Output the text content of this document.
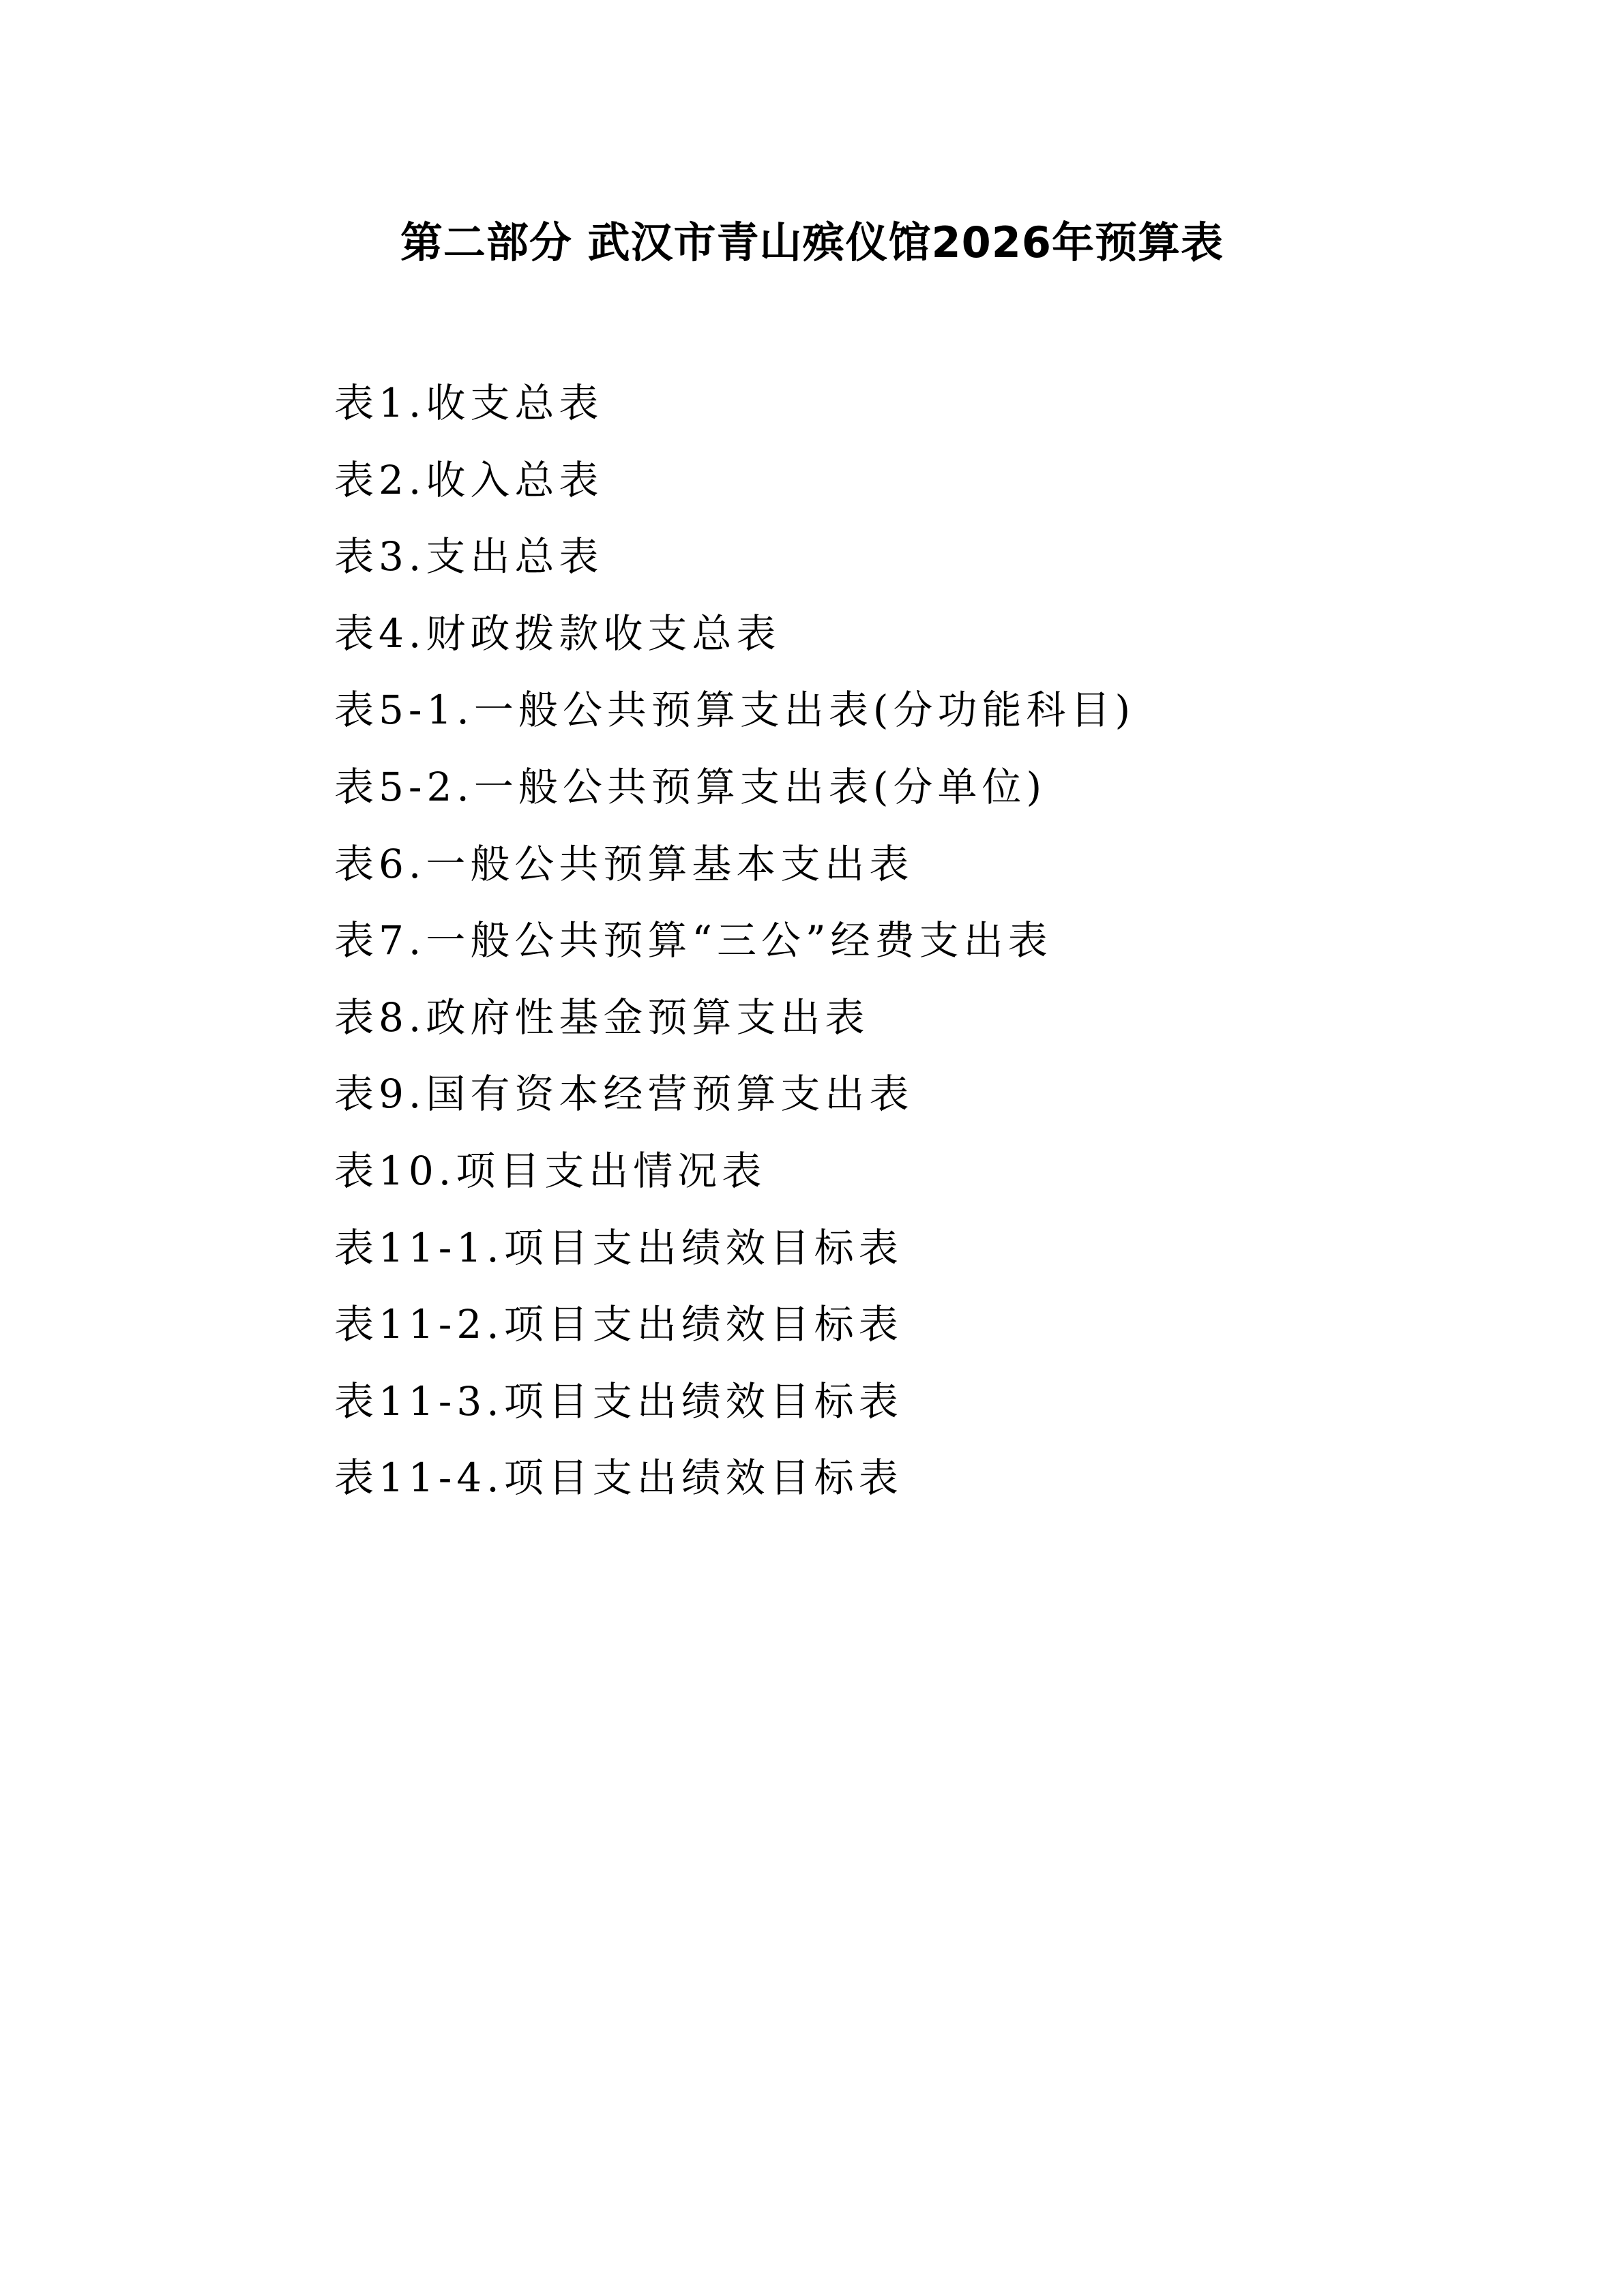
第二部分 武汉市青山殡仪馆2026年预算表
表1.收支总表
表2.收入总表
表3.支出总表
表4.财政拨款收支总表
表5-1.一般公共预算支出表(分功能科目)
表5-2.一般公共预算支出表(分单位)
表6.一般公共预算基本支出表
表7.一般公共预算“三公”经费支出表
表8.政府性基金预算支出表
表9.国有资本经营预算支出表
表10.项目支出情况表
表11-1.项目支出绩效目标表
表11-2.项目支出绩效目标表
表11-3.项目支出绩效目标表
表11-4.项目支出绩效目标表
